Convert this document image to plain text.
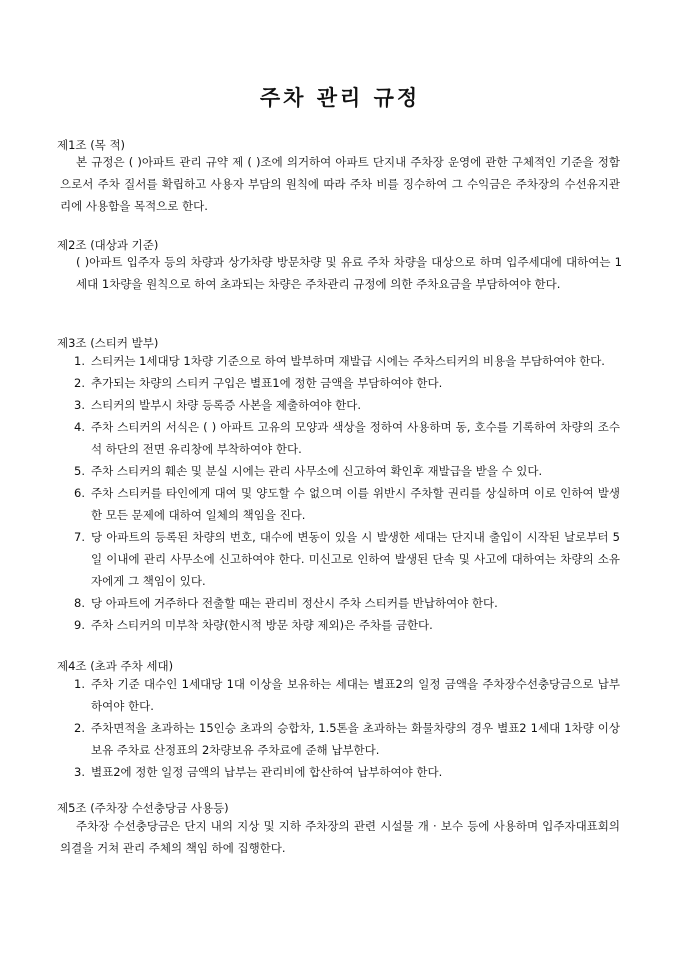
주차 관리 규정
제1조 (목 적)

본 규정은 ( )아파트 관리 규약 제 ( )조에 의거하여 아파트 단지내 주차장 운영에 관한 구체적인 기준을 정함으로서 주차 질서를 확립하고 사용자 부담의 원칙에 따라 주차 비를 징수하여 그 수익금은 주차장의 수선유지관리에 사용함을 목적으로 한다.

제2조 (대상과 기준)

( )아파트 입주자 등의 차량과 상가차량 방문차량 및 유료 주차 차량을 대상으로 하며 입주세대에 대하여는 1세대 1차량을 원칙으로 하여 초과되는 차량은 주차관리 규정에 의한 주차요금을 부담하여야 한다.

제3조 (스티커 발부)
1. 스티커는 1세대당 1차량 기준으로 하여 발부하며 재발급 시에는 주차스티커의 비용을 부담하여야 한다.
2. 추가되는 차량의 스티커 구입은 별표1에 정한 금액을 부담하여야 한다.
3. 스티커의 발부시 차량 등록증 사본을 제출하여야 한다.
4. 주차 스티커의 서식은 ( ) 아파트 고유의 모양과 색상을 정하여 사용하며 동, 호수를 기록하여 차량의 조수석 하단의 전면 유리창에 부착하여야 한다.
5. 주차 스티커의 훼손 및 분실 시에는 관리 사무소에 신고하여 확인후 재발급을 받을 수 있다.
6. 주차 스티커를 타인에게 대여 및 양도할 수 없으며 이를 위반시 주차할 권리를 상실하며 이로 인하여 발생한 모든 문제에 대하여 일체의 책임을 진다.
7. 당 아파트의 등록된 차량의 번호, 대수에 변동이 있을 시 발생한 세대는 단지내 출입이 시작된 날로부터 5일 이내에 관리 사무소에 신고하여야 한다. 미신고로 인하여 발생된 단속 및 사고에 대하여는 차량의 소유자에게 그 책임이 있다.
8. 당 아파트에 거주하다 전출할 때는 관리비 정산시 주차 스티커를 반납하여야 한다.
9. 주차 스티커의 미부착 차량(한시적 방문 차량 제외)은 주차를 금한다.
제4조 (초과 주차 세대)
1. 주차 기준 대수인 1세대당 1대 이상을 보유하는 세대는 별표2의 일정 금액을 주차장수선충당금으로 납부하여야 한다.
2. 주차면적을 초과하는 15인승 초과의 승합차, 1.5톤을 초과하는 화물차량의 경우 별표2 1세대 1차량 이상보유 주차료 산정표의 2차량보유 주차료에 준해 납부한다.
3. 별표2에 정한 일정 금액의 납부는 관리비에 합산하여 납부하여야 한다.
제5조 (주차장 수선충당금 사용등)

주차장 수선충당금은 단지 내의 지상 및 지하 주차장의 관련 시설물 개 · 보수 등에 사용하며 입주자대표회의 의결을 거쳐 관리 주체의 책임 하에 집행한다.
